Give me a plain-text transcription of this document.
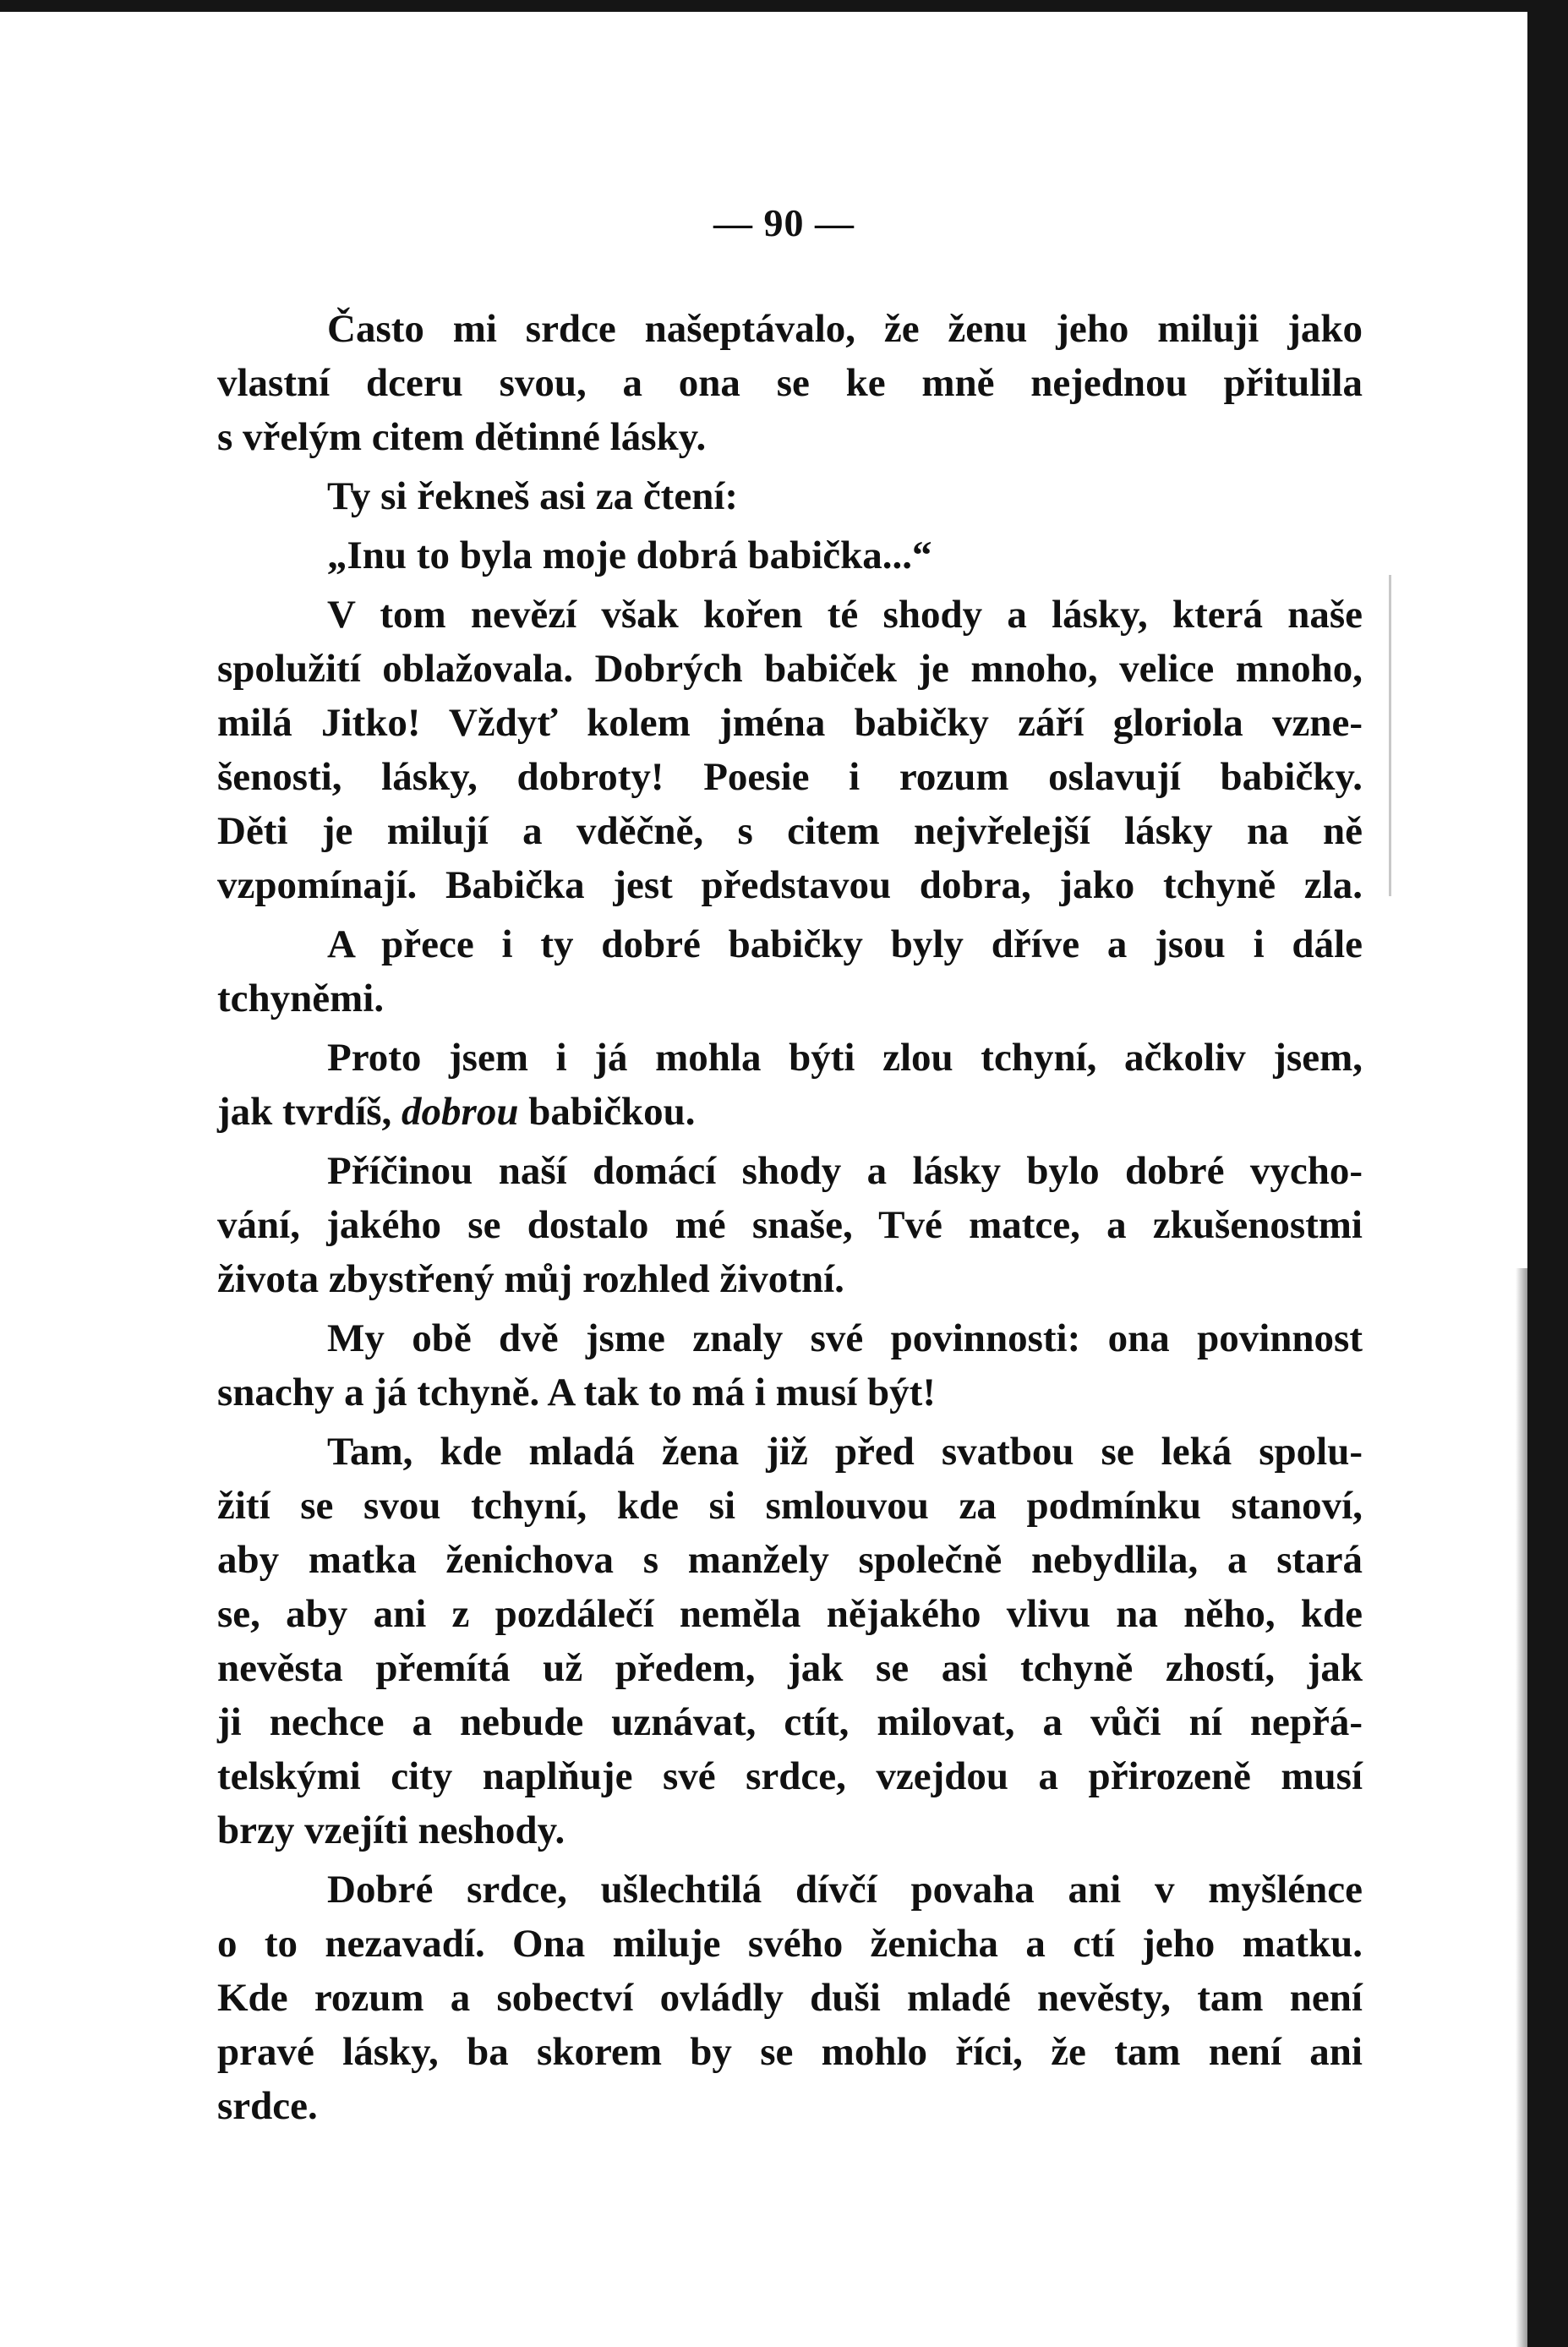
— 90 —
Často mi srdce našeptávalo, že ženu jeho miluji jako
vlastní dceru svou, a ona se ke mně nejednou přitulila
s vřelým citem dětinné lásky.
Ty si řekneš asi za čtení:
„Inu to byla moje dobrá babička...“
V tom nevězí však kořen té shody a lásky, která naše
spolužití oblažovala. Dobrých babiček je mnoho, velice mnoho,
milá Jitko! Vždyť kolem jména babičky září gloriola vzne-
šenosti, lásky, dobroty! Poesie i rozum oslavují babičky.
Děti je milují a vděčně, s citem nejvřelejší lásky na ně
vzpomínají. Babička jest představou dobra, jako tchyně zla.
A přece i ty dobré babičky byly dříve a jsou i dále
tchyněmi.
Proto jsem i já mohla býti zlou tchyní, ačkoliv jsem,
jak tvrdíš, dobrou babičkou.
Příčinou naší domácí shody a lásky bylo dobré vycho-
vání, jakého se dostalo mé snaše, Tvé matce, a zkušenostmi
života zbystřený můj rozhled životní.
My obě dvě jsme znaly své povinnosti: ona povinnost
snachy a já tchyně. A tak to má i musí být!
Tam, kde mladá žena již před svatbou se leká spolu-
žití se svou tchyní, kde si smlouvou za podmínku stanoví,
aby matka ženichova s manžely společně nebydlila, a stará
se, aby ani z pozdálečí neměla nějakého vlivu na něho, kde
nevěsta přemítá už předem, jak se asi tchyně zhostí, jak
ji nechce a nebude uznávat, ctít, milovat, a vůči ní nepřá-
telskými city naplňuje své srdce, vzejdou a přirozeně musí
brzy vzejíti neshody.
Dobré srdce, ušlechtilá dívčí povaha ani v myšlénce
o to nezavadí. Ona miluje svého ženicha a ctí jeho matku.
Kde rozum a sobectví ovládly duši mladé nevěsty, tam není
pravé lásky, ba skorem by se mohlo říci, že tam není ani
srdce.
